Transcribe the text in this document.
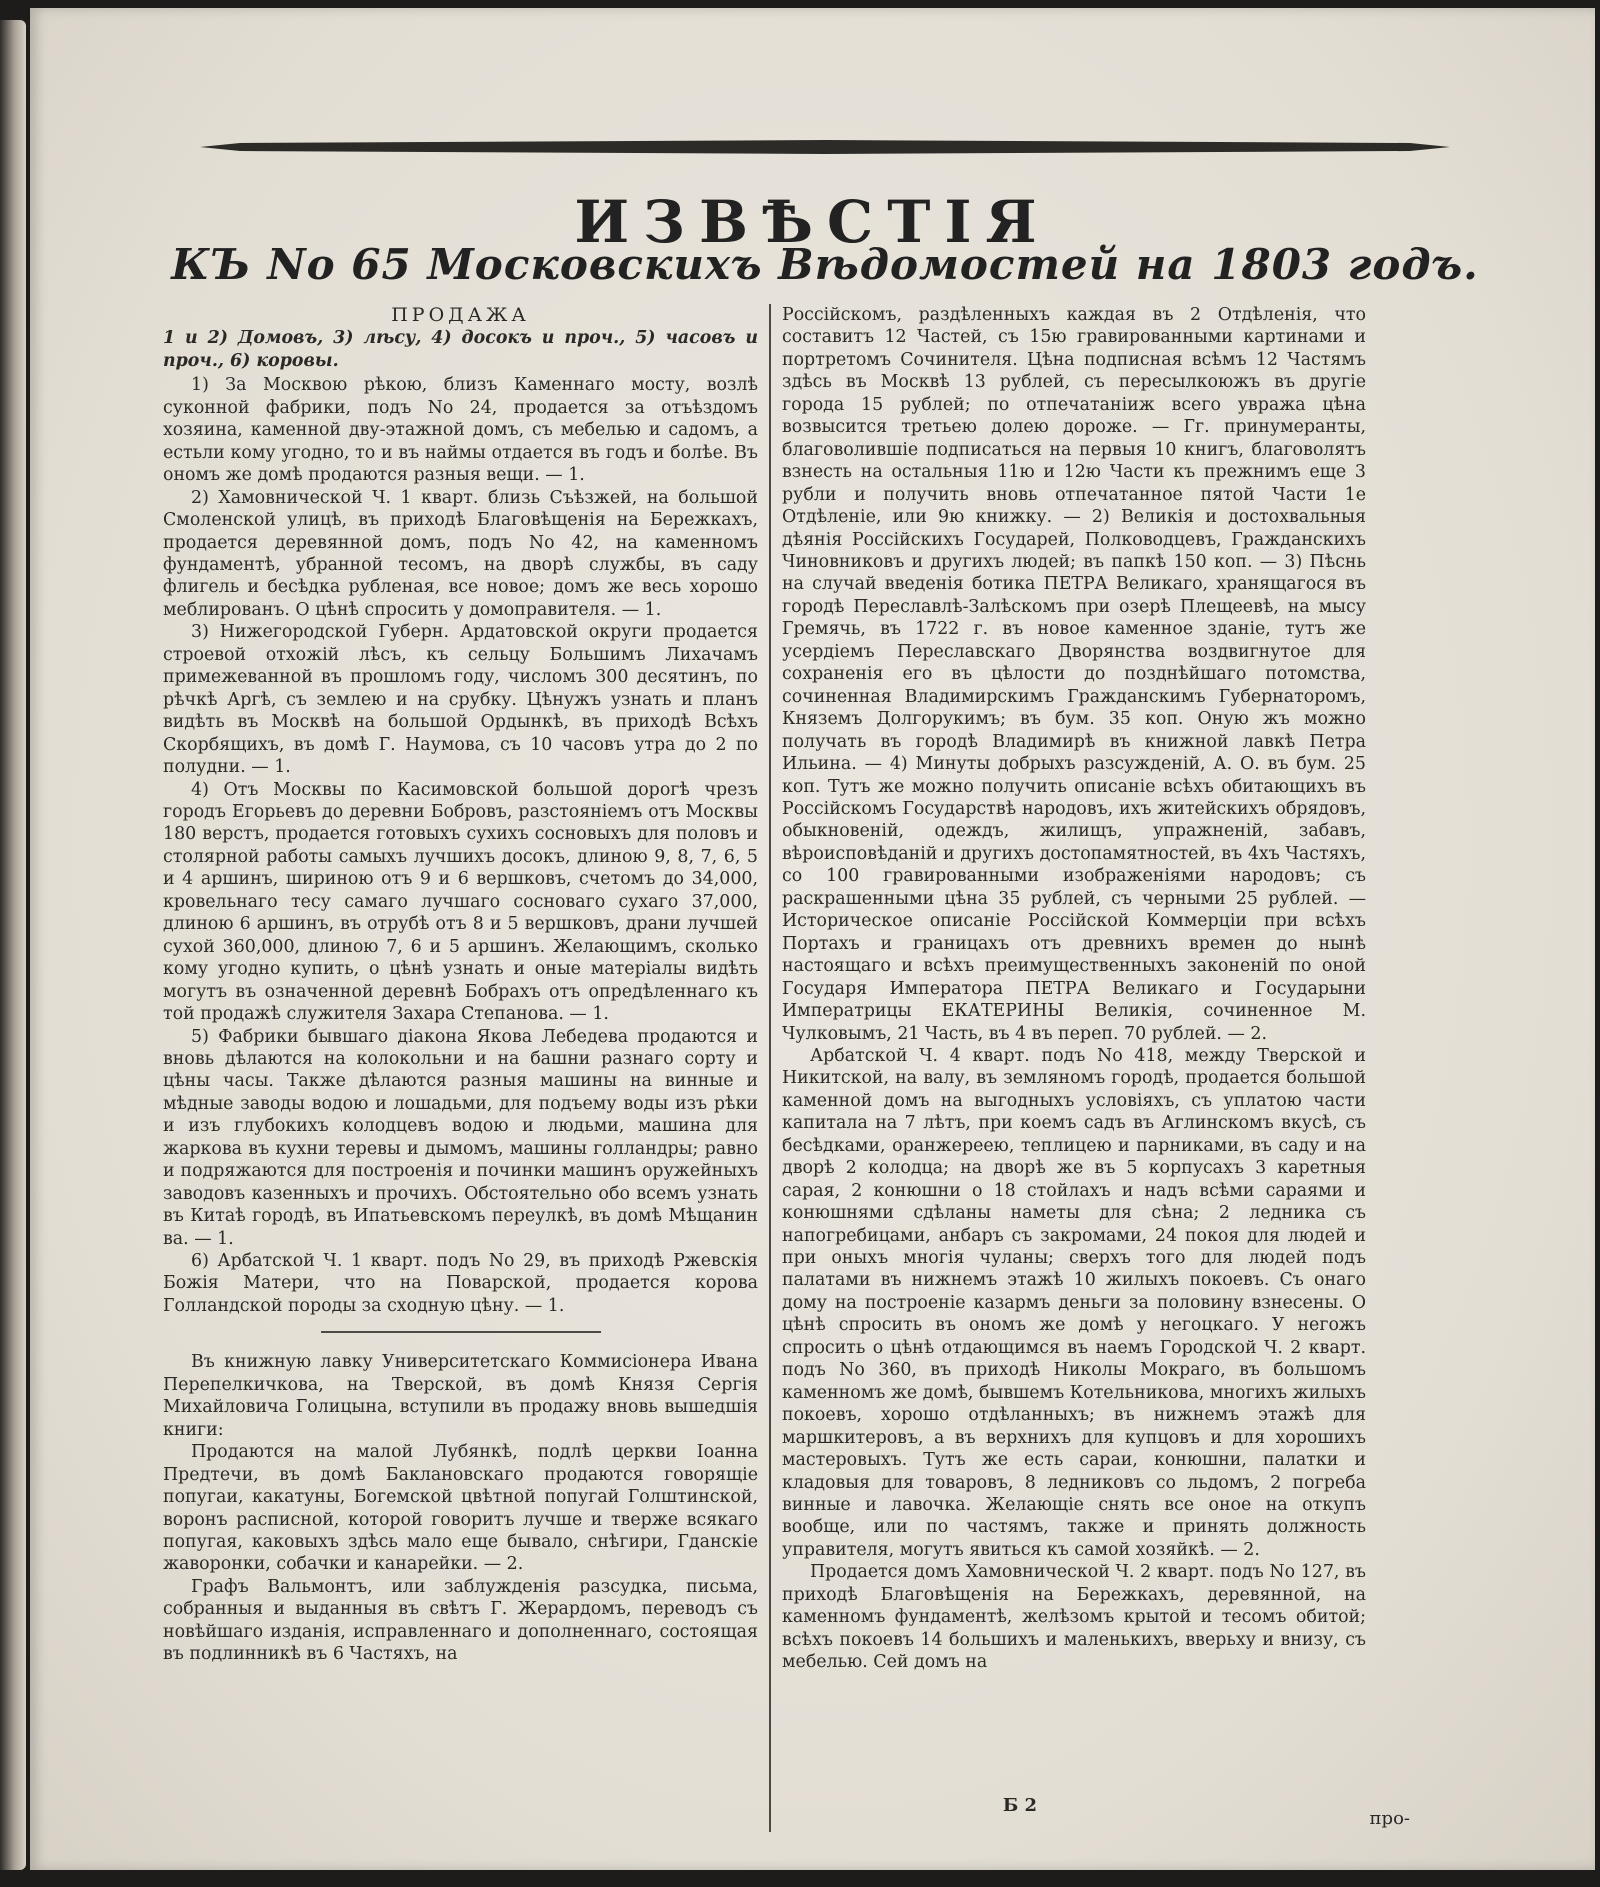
ИЗВѢСТІЯ
КЪ No 65 Московскихъ Вѣдомостей на 1803 годъ.

ПРОДАЖА

1 и 2) Домовъ, 3) лѣсу, 4) досокъ и проч., 5) часовъ и проч., 6) коровы.

1) За Москвою рѣкою, близъ Каменнаго мосту, возлѣ суконной фабрики, подъ No 24, продается за отъѣздомъ хозяина, каменной дву-этажной домъ, съ мебелью и садомъ, а естьли кому угодно, то и въ наймы отдается въ годъ и болѣе. Въ ономъ же домѣ продаются разныя вещи. — 1.

2) Хамовнической Ч. 1 кварт. близь Съѣзжей, на большой Смоленской улицѣ, въ приходѣ Благовѣщенія на Бережкахъ, продается деревянной домъ, подъ No 42, на каменномъ фундаментѣ, убранной тесомъ, на дворѣ службы, въ саду флигель и бесѣдка рубленая, все новое; домъ же весь хорошо меблированъ. О цѣнѣ спросить у домоправителя. — 1.

3) Нижегородской Губерн. Ардатовской округи продается строевой отхожій лѣсъ, къ сельцу Большимъ Лихачамъ примежеванной въ прошломъ году, числомъ 300 десятинъ, по рѣчкѣ Аргѣ, съ землею и на срубку. Цѣнужъ узнать и планъ видѣть въ Москвѣ на большой Ордынкѣ, въ приходѣ Всѣхъ Скорбящихъ, въ домѣ Г. Наумова, съ 10 часовъ утра до 2 по полудни. — 1.

4) Отъ Москвы по Касимовской большой дорогѣ чрезъ городъ Егорьевъ до деревни Бобровъ, разстояніемъ отъ Москвы 180 верстъ, продается готовыхъ сухихъ сосновыхъ для половъ и столярной работы самыхъ лучшихъ досокъ, длиною 9, 8, 7, 6, 5 и 4 аршинъ, шириною отъ 9 и 6 вершковъ, счетомъ до 34,000, кровельнаго тесу самаго лучшаго сосноваго сухаго 37,000, длиною 6 аршинъ, въ отрубѣ отъ 8 и 5 вершковъ, драни лучшей сухой 360,000, длиною 7, 6 и 5 аршинъ. Желающимъ, сколько кому угодно купить, о цѣнѣ узнать и оные матеріалы видѣть могутъ въ означенной деревнѣ Бобрахъ отъ опредѣленнаго къ той продажѣ служителя Захара Степанова. — 1.

5) Фабрики бывшаго діакона Якова Лебедева продаются и вновь дѣлаются на колокольни и на башни разнаго сорту и цѣны часы. Также дѣлаются разныя машины на винные и мѣдные заводы водою и лошадьми, для подъему воды изъ рѣки и изъ глубокихъ колодцевъ водою и людьми, машина для жаркова въ кухни теревы и дымомъ, машины голландры; равно и подряжаются для построенія и починки машинъ оружейныхъ заводовъ казенныхъ и прочихъ. Обстоятельно обо всемъ узнать въ Китаѣ городѣ, въ Ипатьевскомъ переулкѣ, въ домѣ Мѣщанин ва. — 1.

6) Арбатской Ч. 1 кварт. подъ No 29, въ приходѣ Ржевскія Божія Матери, что на Поварской, продается корова Голландской породы за сходную цѣну. — 1.

Въ книжную лавку Университетскаго Коммисіонера Ивана Перепелкичкова, на Тверской, въ домѣ Князя Сергія Михайловича Голицына, вступили въ продажу вновь вышедшія книги:

Продаются на малой Лубянкѣ, подлѣ церкви Іоанна Предтечи, въ домѣ Баклановскаго продаются говорящіе попугаи, какатуны, Богемской цвѣтной попугай Голштинской, воронъ расписной, которой говоритъ лучше и тверже всякаго попугая, каковыхъ здѣсь мало еще бывало, снѣгири, Гданскіе жаворонки, собачки и канарейки. — 2.

Графъ Вальмонтъ, или заблужденія разсудка, письма, собранныя и выданныя въ свѣтъ Г. Жерардомъ, переводъ съ новѣйшаго изданія, исправленнаго и дополненнаго, состоящая въ подлинникѣ въ 6 Частяхъ, на

Россійскомъ, раздѣленныхъ каждая въ 2 Отдѣленія, что составитъ 12 Частей, съ 15ю гравированными картинами и портретомъ Сочинителя. Цѣна подписная всѣмъ 12 Частямъ здѣсь въ Москвѣ 13 рублей, съ пересылкоюжъ въ другіе города 15 рублей; по отпечатаніиж всего увража цѣна возвысится третьею долею дороже. — Гг. принумеранты, благоволившіе подписаться на первыя 10 книгъ, благоволятъ взнесть на остальныя 11ю и 12ю Части къ прежнимъ еще 3 рубли и получить вновь отпечатанное пятой Части 1е Отдѣленіе, или 9ю книжку. — 2) Великія и достохвальныя дѣянія Россійскихъ Государей, Полководцевъ, Гражданскихъ Чиновниковъ и другихъ людей; въ папкѣ 150 коп. — 3) Пѣснь на случай введенія ботика ПЕТРА Великаго, хранящагося въ городѣ Переславлѣ-Залѣскомъ при озерѣ Плещеевѣ, на мысу Гремячь, въ 1722 г. въ новое каменное зданіе, тутъ же усердіемъ Переславскаго Дворянства воздвигнутое для сохраненія его въ цѣлости до позднѣйшаго потомства, сочиненная Владимирскимъ Гражданскимъ Губернаторомъ, Княземъ Долгорукимъ; въ бум. 35 коп. Оную жъ можно получать въ городѣ Владимирѣ въ книжной лавкѣ Петра Ильина. — 4) Минуты добрыхъ разсужденій, А. О. въ бум. 25 коп. Тутъ же можно получить описаніе всѣхъ обитающихъ въ Россійскомъ Государствѣ народовъ, ихъ житейскихъ обрядовъ, обыкновеній, одеждъ, жилищъ, упражненій, забавъ, вѣроисповѣданій и другихъ достопамятностей, въ 4хъ Частяхъ, со 100 гравированными изображеніями народовъ; съ раскрашенными цѣна 35 рублей, съ черными 25 рублей. — Историческое описаніе Россійской Коммерціи при всѣхъ Портахъ и границахъ отъ древнихъ времен до нынѣ настоящаго и всѣхъ преимущественныхъ законеній по оной Государя Императора ПЕТРА Великаго и Государыни Императрицы ЕКАТЕРИНЫ Великія, сочиненное М. Чулковымъ, 21 Часть, въ 4 въ переп. 70 рублей. — 2.

Арбатской Ч. 4 кварт. подъ No 418, между Тверской и Никитской, на валу, въ земляномъ городѣ, продается большой каменной домъ на выгодныхъ условіяхъ, съ уплатою части капитала на 7 лѣтъ, при коемъ садъ въ Аглинскомъ вкусѣ, съ бесѣдками, оранжереею, теплицею и парниками, въ саду и на дворѣ 2 колодца; на дворѣ же въ 5 корпусахъ 3 каретныя сарая, 2 конюшни о 18 стойлахъ и надъ всѣми сараями и конюшнями сдѣланы наметы для сѣна; 2 ледника съ напогребицами, анбаръ съ закромами, 24 покоя для людей и при оныхъ многія чуланы; сверхъ того для людей подъ палатами въ нижнемъ этажѣ 10 жилыхъ покоевъ. Съ онаго дому на построеніе казармъ деньги за половину взнесены. О цѣнѣ спросить въ ономъ же домѣ у негоцкаго. У негожъ спросить о цѣнѣ отдающимся въ наемъ Городской Ч. 2 кварт. подъ No 360, въ приходѣ Николы Мокраго, въ большомъ каменномъ же домѣ, бывшемъ Котельникова, многихъ жилыхъ покоевъ, хорошо отдѣланныхъ; въ нижнемъ этажѣ для маршкитеровъ, а въ верхнихъ для купцовъ и для хорошихъ мастеровыхъ. Тутъ же есть сараи, конюшни, палатки и кладовыя для товаровъ, 8 ледниковъ со льдомъ, 2 погреба винные и лавочка. Желающіе снять все оное на откупъ вообще, или по частямъ, также и принять должность управителя, могутъ явиться къ самой хозяйкѣ. — 2.

Продается домъ Хамовнической Ч. 2 кварт. подъ No 127, въ приходѣ Благовѣщенія на Бережкахъ, деревянной, на каменномъ фундаментѣ, желѣзомъ крытой и тесомъ обитой; всѣхъ покоевъ 14 большихъ и маленькихъ, вверьху и внизу, съ мебелью. Сей домъ на

Б 2
про-
